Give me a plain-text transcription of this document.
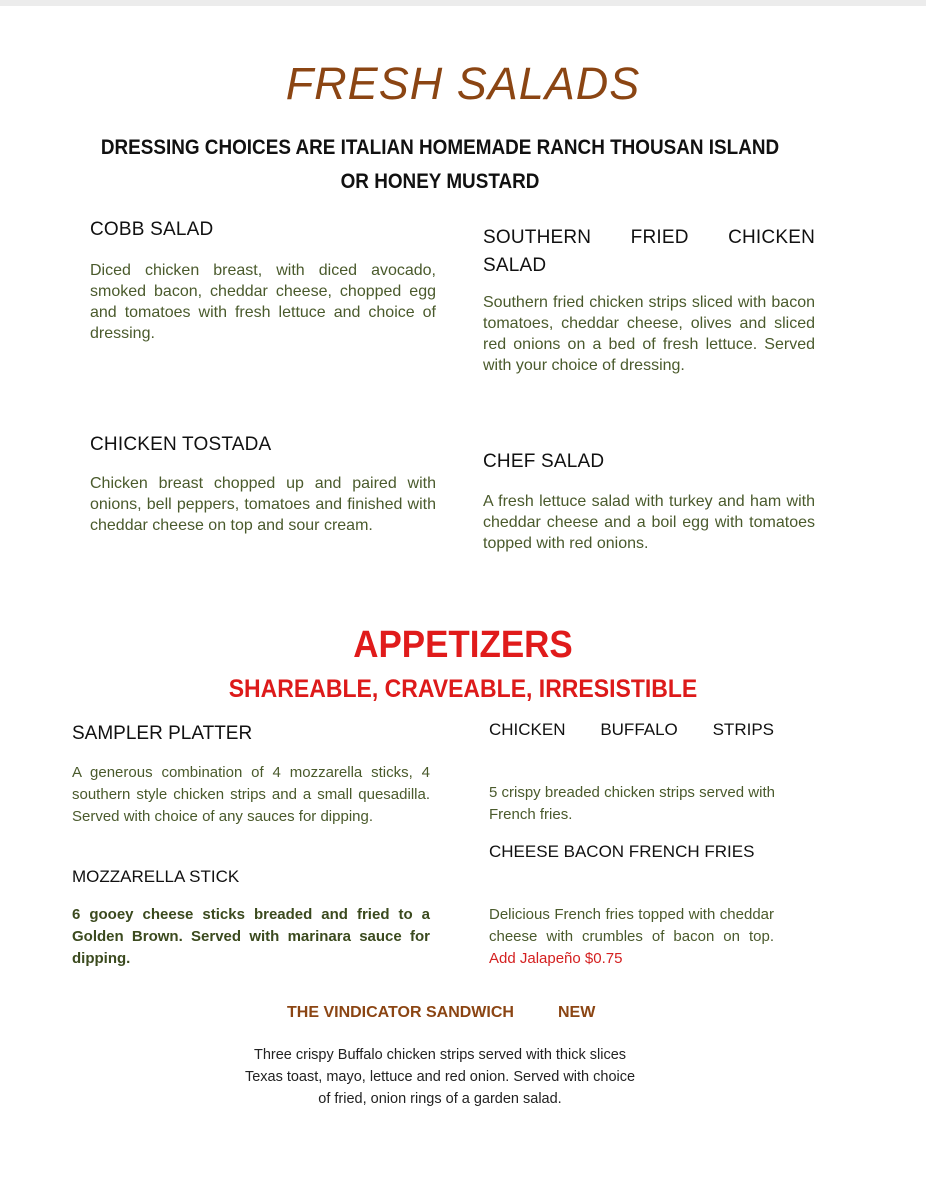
FRESH SALADS
DRESSING CHOICES ARE ITALIAN HOMEMADE RANCH THOUSAN ISLAND
OR HONEY MUSTARD
COBB SALAD
Diced chicken breast, with diced avocado, smoked bacon, cheddar cheese, chopped egg and tomatoes with fresh lettuce and choice of dressing.
SOUTHERN FRIED CHICKEN SALAD
Southern fried chicken strips sliced with bacon tomatoes, cheddar cheese, olives and sliced red onions on a bed of fresh lettuce. Served with your choice of dressing.
CHICKEN TOSTADA
Chicken breast chopped up and paired with onions, bell peppers, tomatoes and finished with cheddar cheese on top and sour cream.
CHEF SALAD
A fresh lettuce salad with turkey and ham with cheddar cheese and a boil egg with tomatoes topped with red onions.
APPETIZERS
SHAREABLE, CRAVEABLE, IRRESISTIBLE
SAMPLER PLATTER
A generous combination of 4 mozzarella sticks, 4 southern style chicken strips and a small quesadilla. Served with choice of any sauces for dipping.
CHICKEN BUFFALO STRIPS
5 crispy breaded chicken strips served with French fries.
MOZZARELLA STICK
6 gooey cheese sticks breaded and fried to a Golden Brown. Served with marinara sauce for dipping.
CHEESE BACON FRENCH FRIES
Delicious French fries topped with cheddar cheese with crumbles of bacon on top. Add Jalapeño $0.75
THE VINDICATOR SANDWICH	NEW
Three crispy Buffalo chicken strips served with thick slices Texas toast, mayo, lettuce and red onion. Served with choice of fried, onion rings of a garden salad.
